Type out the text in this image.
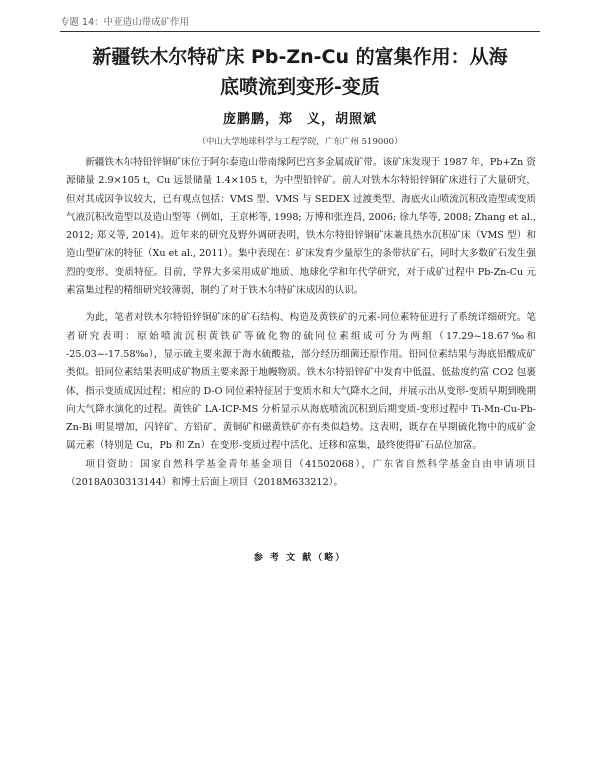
专题 14：中亚造山带成矿作用
新疆铁木尔特矿床 Pb-Zn-Cu 的富集作用：从海
底喷流到变形-变质
庞鹏鹏，郑　义，胡照斌
（中山大学地球科学与工程学院，广东广州 519000）

新疆铁木尔特铅锌铜矿床位于阿尔泰造山带南缘阿巴宫多金属成矿带。该矿床发现于 1987 年，Pb+Zn 资源储量 2.9×105 t，Cu 远景储量 1.4×105 t，为中型铅锌矿。前人对铁木尔特铅锌铜矿床进行了大量研究，但对其成因争议较大，已有观点包括：VMS 型、VMS 与 SEDEX 过渡类型、海底火山喷流沉积改造型或变质气液沉积改造型以及造山型等（例如，王京彬等, 1998; 万博和张连昌, 2006; 徐九华等, 2008; Zhang et al., 2012; 郑义等, 2014)。近年来的研究及野外调研表明，铁木尔特铅锌铜矿床兼具热水沉积矿床（VMS 型）和造山型矿床的特征（Xu et al., 2011）。集中表现在：矿床发育少量原生的条带状矿石，同时大多数矿石发生强烈的变形、变质特征。目前，学界大多采用成矿地质、地球化学和年代学研究，对于成矿过程中 Pb-Zn-Cu 元素富集过程的精细研究较薄弱，制约了对于铁木尔特矿床成因的认识。

为此，笔者对铁木尔特铅锌铜矿床的矿石结构、构造及黄铁矿的元素-同位素特征进行了系统详细研究。笔者研究表明：原始喷流沉积黄铁矿等硫化物的硫同位素组成可分为两组（17.29~18.67‰和 -25.03~-17.58‰），显示硫主要来源于海水硫酸盐，部分经历细菌还原作用。铅同位素结果与海底铅酸成矿类似。铅同位素结果表明成矿物质主要来源于地幔物质。铁木尔特铅锌矿中发育中低温、低盐度约富 CO2 包裹体，指示变质成因过程；相应的 D-O 同位素特征居于变质水和大气降水之间，并展示出从变形-变质早期到晚期向大气降水演化的过程。黄铁矿 LA-ICP-MS 分析显示从海底喷流沉积到后期变质-变形过程中 Ti-Mn-Cu-Pb-Zn-Bi 明显增加，闪锌矿、方铅矿、黄铜矿和磁黄铁矿亦有类似趋势。这表明，既存在早期硫化物中的成矿金属元素（特别是 Cu，Pb 和 Zn）在变形-变质过程中活化、迁移和富集，最终使得矿石品位加富。

项目资助：国家自然科学基金青年基金项目（41502068），广东省自然科学基金自由申请项目（2018A030313144）和博士后面上项目（2018M633212）。

参 考 文 献（略）
